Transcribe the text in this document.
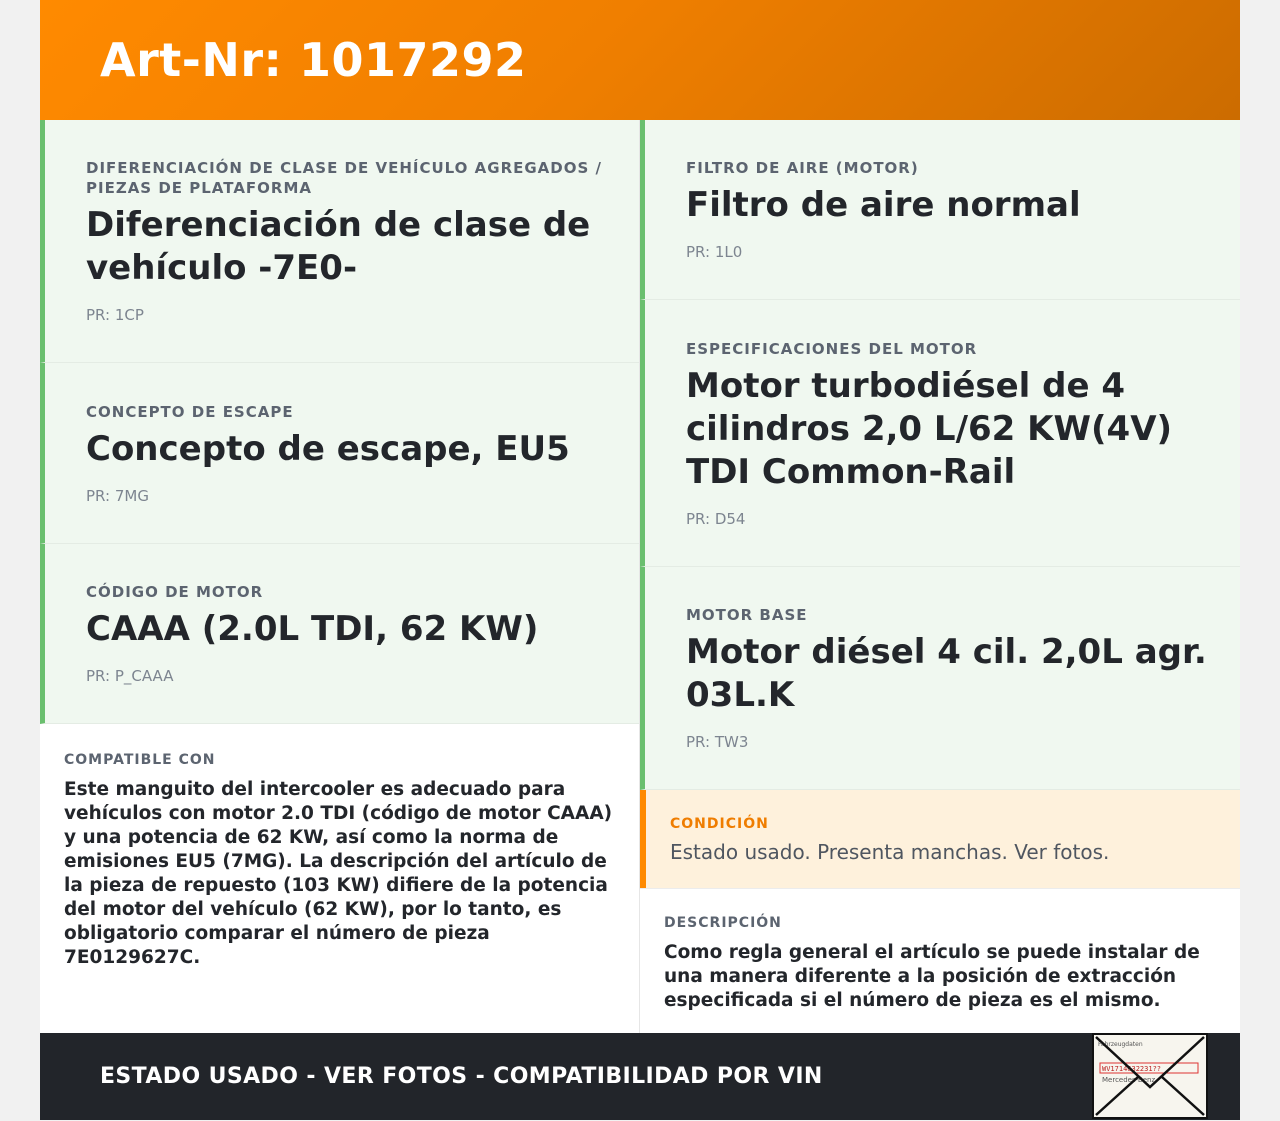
Art-Nr: 1017292
DIFERENCIACIÓN DE CLASE DE VEHÍCULO AGREGADOS / PIEZAS DE PLATAFORMA
Diferenciación de clase de vehículo -7E0-
PR: 1CP
CONCEPTO DE ESCAPE
Concepto de escape, EU5
PR: 7MG
CÓDIGO DE MOTOR
CAAA (2.0L TDI, 62 KW)
PR: P_CAAA
COMPATIBLE CON
Este manguito del intercooler es adecuado para vehículos con motor 2.0 TDI (código de motor CAAA) y una potencia de 62 KW, así como la norma de emisiones EU5 (7MG). La descripción del artículo de la pieza de repuesto (103 KW) difiere de la potencia del motor del vehículo (62 KW), por lo tanto, es obligatorio comparar el número de pieza 7E0129627C.
FILTRO DE AIRE (MOTOR)
Filtro de aire normal
PR: 1L0
ESPECIFICACIONES DEL MOTOR
Motor turbodiésel de 4 cilindros 2,0 L/62 KW(4V) TDI Common-Rail
PR: D54
MOTOR BASE
Motor diésel 4 cil. 2,0L agr. 03L.K
PR: TW3
CONDICIÓN
Estado usado. Presenta manchas. Ver fotos.
DESCRIPCIÓN
Como regla general el artículo se puede instalar de una manera diferente a la posición de extracción especificada si el número de pieza es el mismo.
ESTADO USADO - VER FOTOS - COMPATIBILIDAD POR VIN
Fahrzeugdaten
WV1714632231??
Mercedes-Benz
